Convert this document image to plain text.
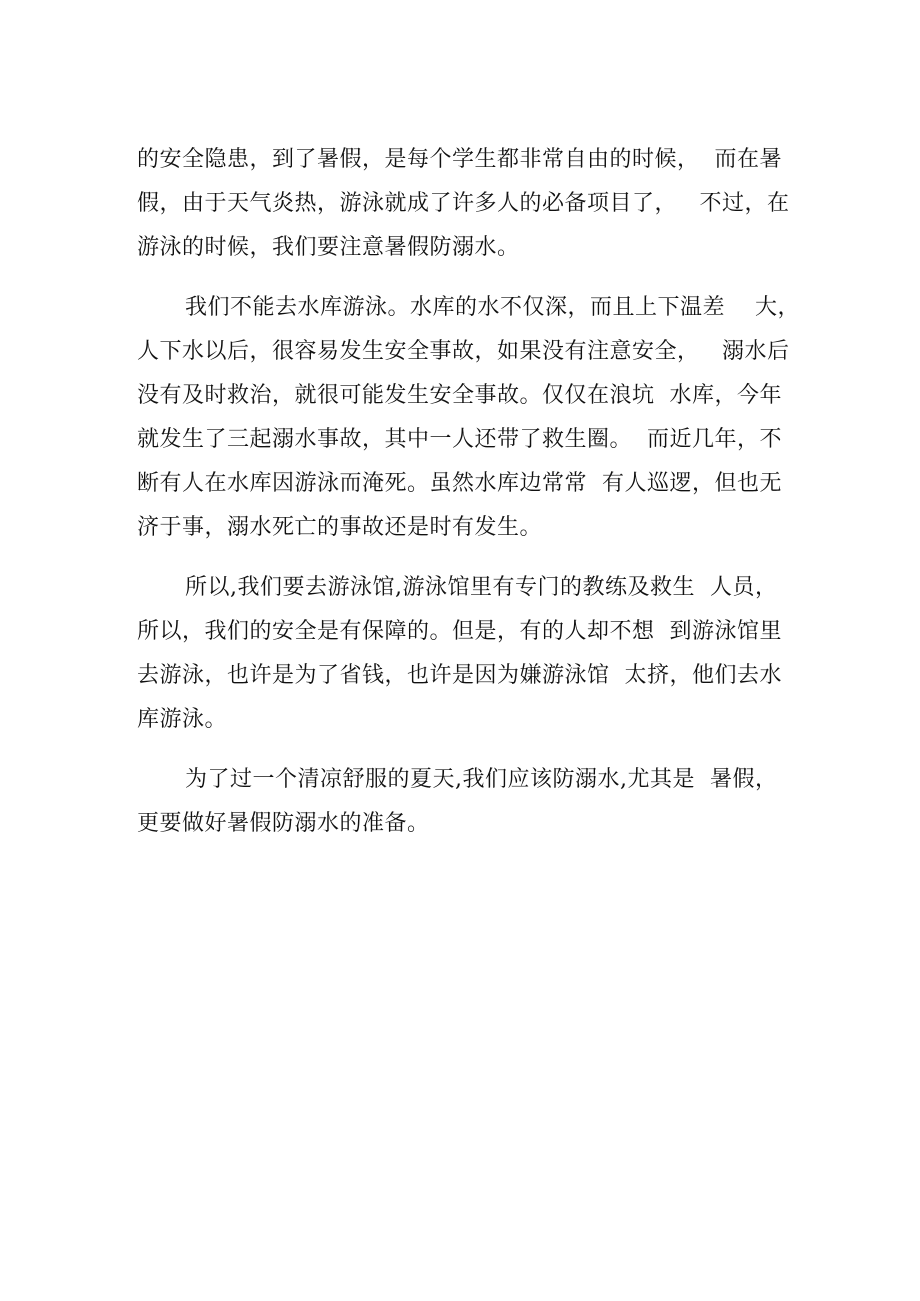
的安全隐患，到了暑假，是每个学生都非常自由的时候，  而在暑
假，由于天气炎热，游泳就成了许多人的必备项目了，   不过，在
游泳的时候，我们要注意暑假防溺水。
我们不能去水库游泳。水库的水不仅深，而且上下温差    大，
人下水以后，很容易发生安全事故，如果没有注意安全，   溺水后
没有及时救治，就很可能发生安全事故。仅仅在浪坑  水库，今年
就发生了三起溺水事故，其中一人还带了救生圈。  而近几年，不
断有人在水库因游泳而淹死。虽然水库边常常  有人巡逻，但也无
济于事，溺水死亡的事故还是时有发生。
所以,我们要去游泳馆,游泳馆里有专门的教练及救生  人员，
所以，我们的安全是有保障的。但是，有的人却不想  到游泳馆里
去游泳，也许是为了省钱，也许是因为嫌游泳馆  太挤，他们去水
库游泳。
为了过一个清凉舒服的夏天,我们应该防溺水,尤其是  暑假，
更要做好暑假防溺水的准备。
